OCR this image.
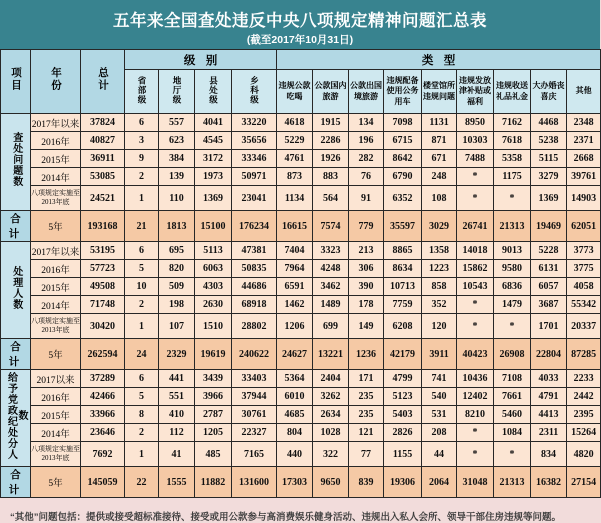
五年来全国查处违反中央八项规定精神问题汇总表
(截至2017年10月31日)
项目	年份	总计	级别				类型								
			省部级	地厅级	县处级	乡科级	违规公款吃喝	公款国内旅游	公款出国境旅游	违规配备使用公务用车	楼堂馆所违规问题	违规发放津补贴或福利	违规收送礼品礼金	大办婚丧喜庆	其他
查处问题数	2017年以来	37824	6	557	4041	33220	4618	1915	134	7098	1131	8950	7162	4468	2348
	2016年	40827	3	623	4545	35656	5229	2286	196	6715	871	10303	7618	5238	2371
	2015年	36911	9	384	3172	33346	4761	1926	282	8642	671	7488	5358	5115	2668
	2014年	53085	2	139	1973	50971	873	883	76	6790	248	*	1175	3279	39761
	八项规定实施至2013年底	24521	1	110	1369	23041	1134	564	91	6352	108	*	*	1369	14903
合计	5年	193168	21	1813	15100	176234	16615	7574	779	35597	3029	26741	21313	19469	62051
处理人数	2017年以来	53195	6	695	5113	47381	7404	3323	213	8865	1358	14018	9013	5228	3773
	2016年	57723	5	820	6063	50835	7964	4248	306	8634	1223	15862	9580	6131	3775
	2015年	49508	10	509	4303	44686	6591	3462	390	10713	858	10543	6836	6057	4058
	2014年	71748	2	198	2630	68918	1462	1489	178	7759	352	*	1479	3687	55342
	八项规定实施至2013年底	30420	1	107	1510	28802	1206	699	149	6208	120	*	*	1701	20337
合计	5年	262594	24	2329	19619	240622	24627	13221	1236	42179	3911	40423	26908	22804	87285
给予党政纪处分人数	2017以来	37289	6	441	3439	33403	5364	2404	171	4799	741	10436	7108	4033	2233
	2016年	42466	5	551	3966	37944	6010	3262	235	5123	540	12402	7661	4791	2442
	2015年	33966	8	410	2787	30761	4685	2634	235	5403	531	8210	5460	4413	2395
	2014年	23646	2	112	1205	22327	804	1028	121	2826	208	*	1084	2311	15264
	八项规定实施至2013年底	7692	1	41	485	7165	440	322	77	1155	44	*	*	834	4820
合计	5年	145059	22	1555	11882	131600	17303	9650	839	19306	2064	31048	21313	16382	27154
“其他”问题包括：提供或接受超标准接待、接受或用公款参与高消费娱乐健身活动、违规出入私人会所、领导干部住房违规等问题。
